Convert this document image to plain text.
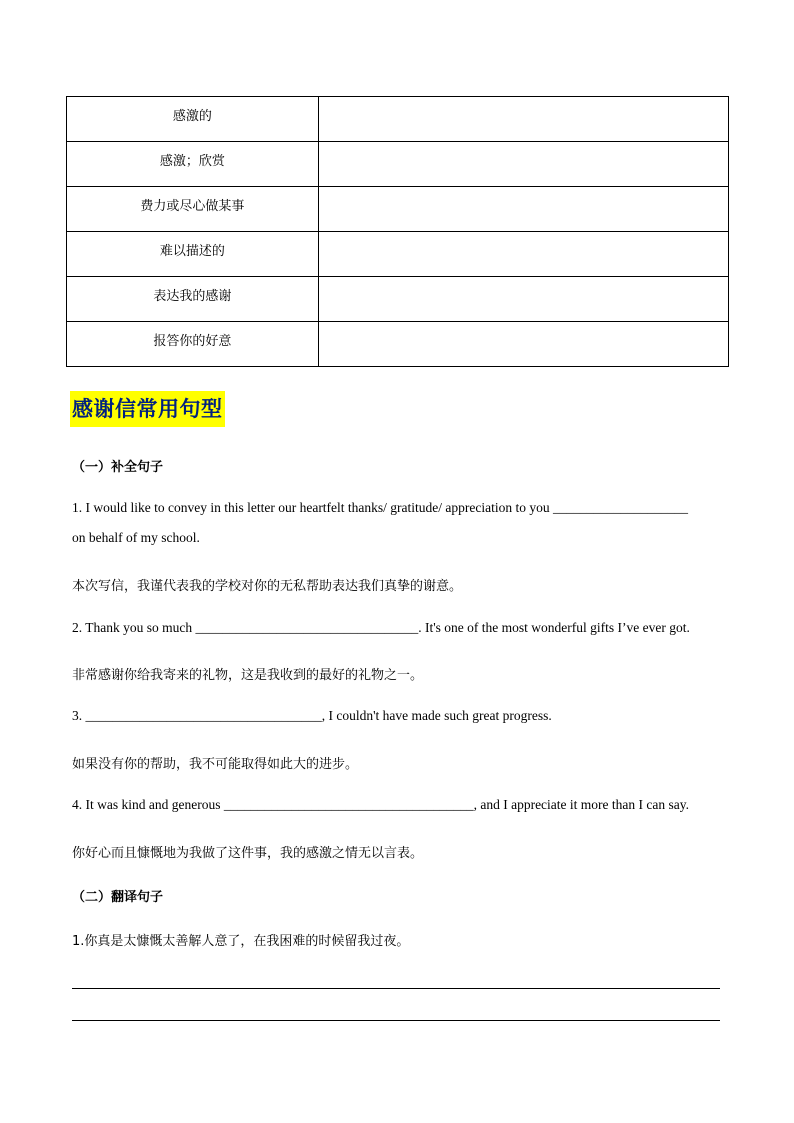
感激的	
感激；欣赏	
费力或尽心做某事	
难以描述的	
表达我的感谢	
报答你的好意	
感谢信常用句型
（一）补全句子
1. I would like to convey in this letter our heartfelt thanks/ gratitude/ appreciation to you ____________________
on behalf of my school.
本次写信，我谨代表我的学校对你的无私帮助表达我们真挚的谢意。
2. Thank you so much _________________________________. It's one of the most wonderful gifts I’ve ever got.
非常感谢你给我寄来的礼物，这是我收到的最好的礼物之一。
3. ___________________________________, I couldn't have made such great progress.
如果没有你的帮助，我不可能取得如此大的进步。
4. It was kind and generous _____________________________________, and I appreciate it more than I can say.
你好心而且慷慨地为我做了这件事，我的感激之情无以言表。
（二）翻译句子
1.你真是太慷慨太善解人意了，在我困难的时候留我过夜。
